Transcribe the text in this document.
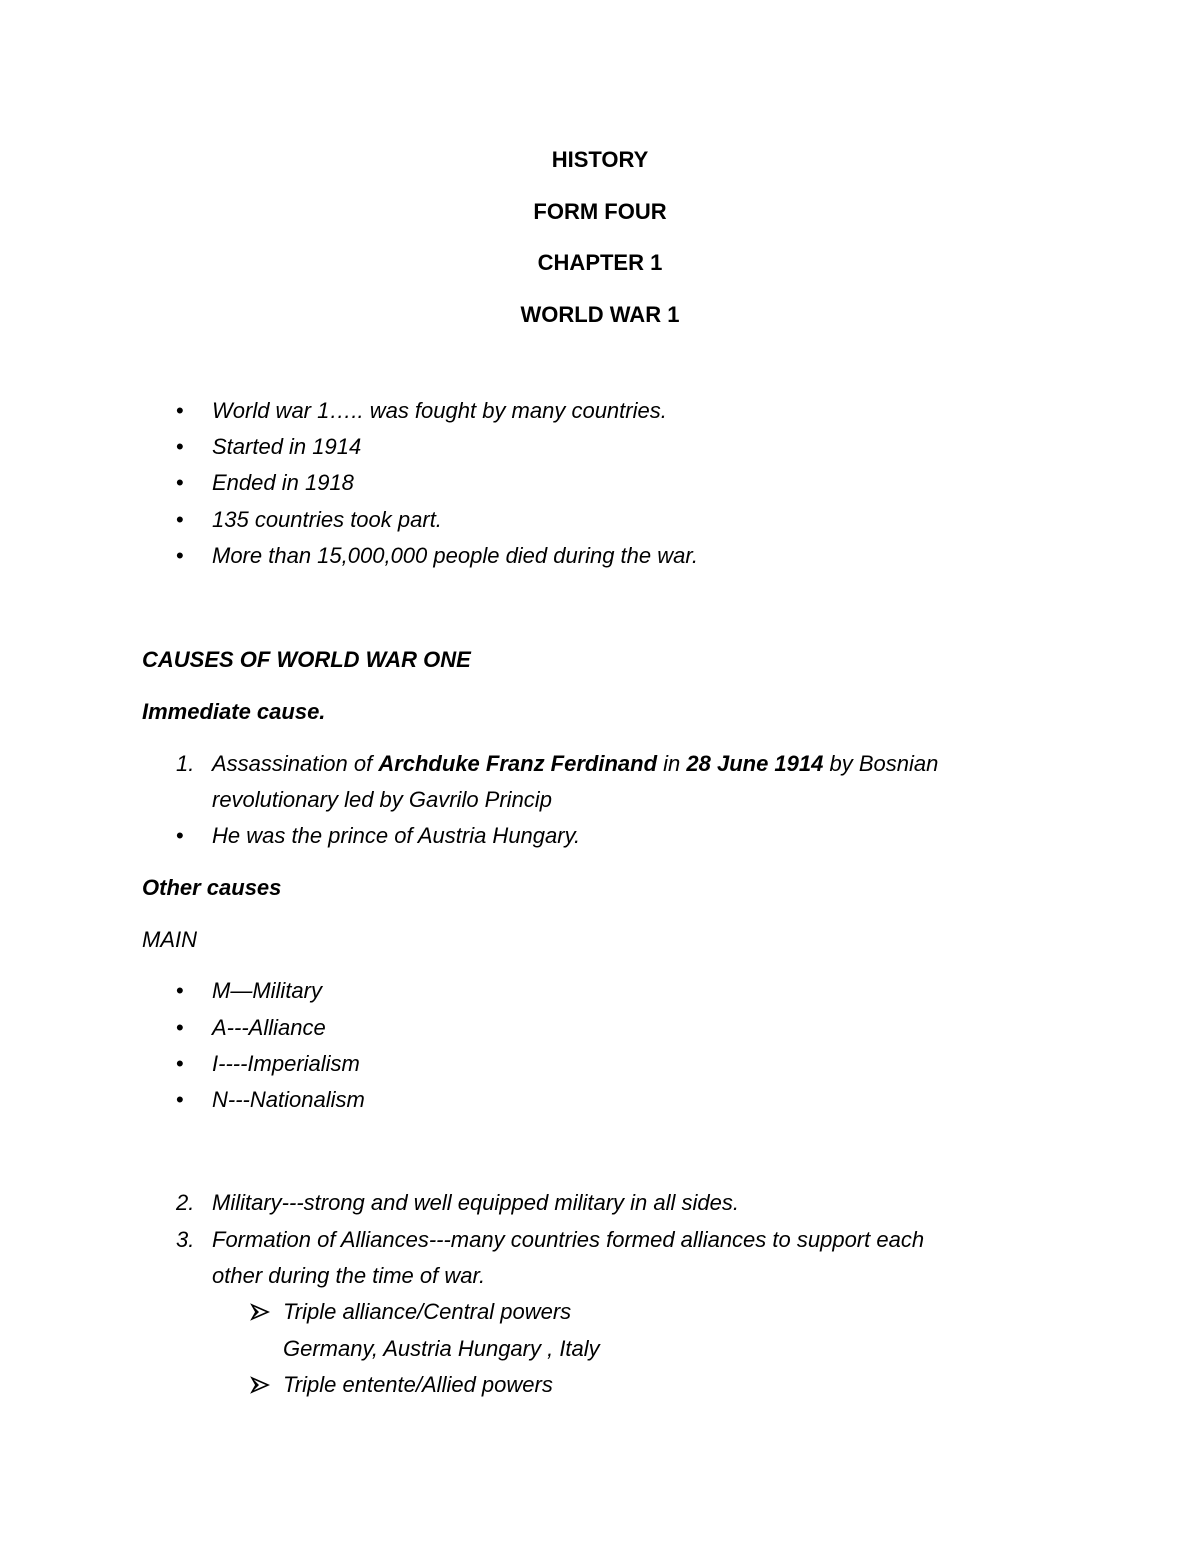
HISTORY
FORM FOUR
CHAPTER 1
WORLD WAR 1
• World war 1….. was fought by many countries.
• Started in 1914
• Ended in 1918
• 135 countries took part.
• More than 15,000,000 people died during the war.
CAUSES OF WORLD WAR ONE
Immediate cause.
1. Assassination of Archduke Franz Ferdinand in 28 June 1914 by Bosnian
revolutionary led by Gavrilo Princip
• He was the prince of Austria Hungary.
Other causes
MAIN
• M—Military
• A---Alliance
• I----Imperialism
• N---Nationalism
2. Military---strong and well equipped military in all sides.
3. Formation of Alliances---many countries formed alliances to support each
other during the time of war.
Triple alliance/Central powers
Germany, Austria Hungary , Italy
Triple entente/Allied powers
